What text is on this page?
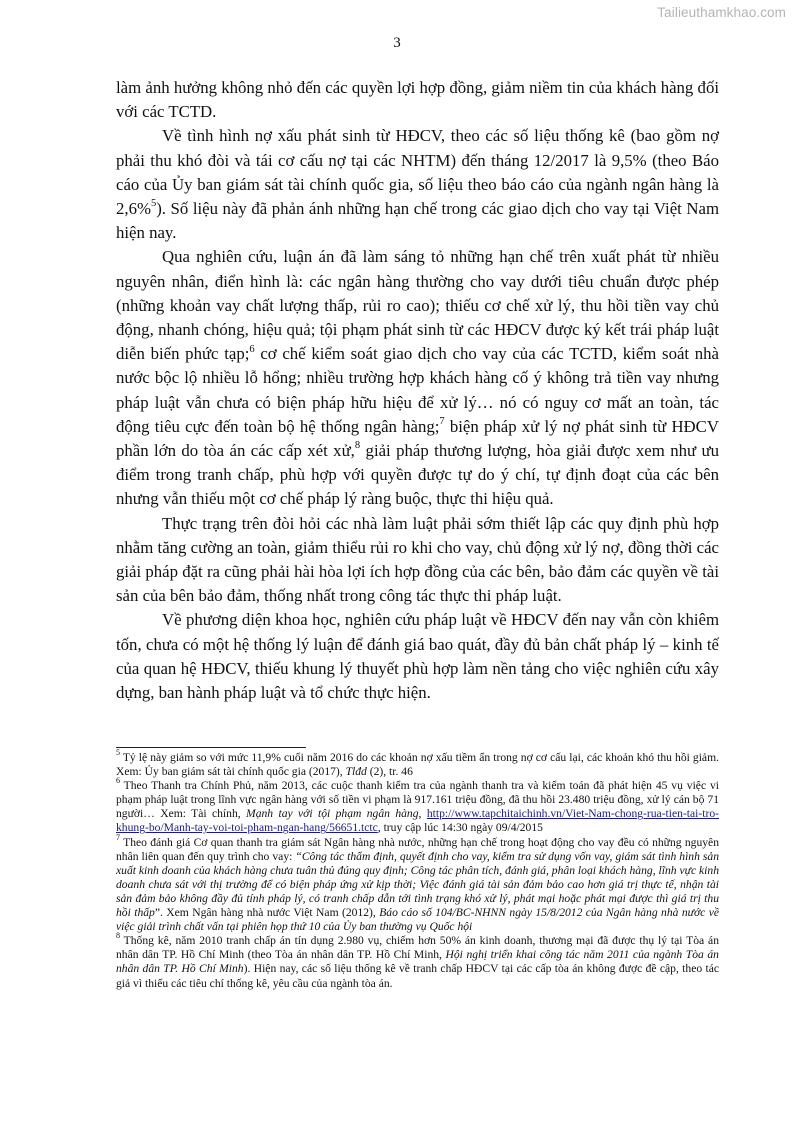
Tailieuthamkhao.com
3

làm ảnh hưởng không nhỏ đến các quyền lợi hợp đồng, giảm niềm tin của khách hàng đối với các TCTD.

Về tình hình nợ xấu phát sinh từ HĐCV, theo các số liệu thống kê (bao gồm nợ phải thu khó đòi và tái cơ cấu nợ tại các NHTM) đến tháng 12/2017 là 9,5% (theo Báo cáo của Ủy ban giám sát tài chính quốc gia, số liệu theo báo cáo của ngành ngân hàng là 2,6%$^5$). Số liệu này đã phản ánh những hạn chế trong các giao dịch cho vay tại Việt Nam hiện nay.

Qua nghiên cứu, luận án đã làm sáng tỏ những hạn chế trên xuất phát từ nhiều nguyên nhân, điển hình là: các ngân hàng thường cho vay dưới tiêu chuẩn được phép (những khoản vay chất lượng thấp, rủi ro cao); thiếu cơ chế xử lý, thu hồi tiền vay chủ động, nhanh chóng, hiệu quả; tội phạm phát sinh từ các HĐCV được ký kết trái pháp luật diễn biến phức tạp;$^6$ cơ chế kiểm soát giao dịch cho vay của các TCTD, kiểm soát nhà nước bộc lộ nhiều lỗ hổng; nhiều trường hợp khách hàng cố ý không trả tiền vay nhưng pháp luật vẫn chưa có biện pháp hữu hiệu để xử lý… nó có nguy cơ mất an toàn, tác động tiêu cực đến toàn bộ hệ thống ngân hàng;$^7$ biện pháp xử lý nợ phát sinh từ HĐCV phần lớn do tòa án các cấp xét xử,$^8$ giải pháp thương lượng, hòa giải được xem như ưu điểm trong tranh chấp, phù hợp với quyền được tự do ý chí, tự định đoạt của các bên nhưng vẫn thiếu một cơ chế pháp lý ràng buộc, thực thi hiệu quả.

Thực trạng trên đòi hỏi các nhà làm luật phải sớm thiết lập các quy định phù hợp nhằm tăng cường an toàn, giảm thiểu rủi ro khi cho vay, chủ động xử lý nợ, đồng thời các giải pháp đặt ra cũng phải hài hòa lợi ích hợp đồng của các bên, bảo đảm các quyền về tài sản của bên bảo đảm, thống nhất trong công tác thực thi pháp luật.

Về phương diện khoa học, nghiên cứu pháp luật về HĐCV đến nay vẫn còn khiêm tốn, chưa có một hệ thống lý luận để đánh giá bao quát, đầy đủ bản chất pháp lý – kinh tế của quan hệ HĐCV, thiếu khung lý thuyết phù hợp làm nền tảng cho việc nghiên cứu xây dựng, ban hành pháp luật và tổ chức thực hiện.

$^5$ Tỷ lệ này giảm so với mức 11,9% cuối năm 2016 do các khoản nợ xấu tiềm ẩn trong nợ cơ cấu lại, các khoản khó thu hồi giảm. Xem: Ủy ban giám sát tài chính quốc gia (2017), Tlđd (2), tr. 46

$^6$ Theo Thanh tra Chính Phủ, năm 2013, các cuộc thanh kiểm tra của ngành thanh tra và kiểm toán đã phát hiện 45 vụ việc vi phạm pháp luật trong lĩnh vực ngân hàng với số tiền vi phạm là 917.161 triệu đồng, đã thu hồi 23.480 triệu đồng, xử lý cán bộ 71 người… Xem: Tài chính, Mạnh tay với tội phạm ngân hàng, http://www.tapchitaichinh.vn/Viet-Nam-chong-rua-tien-tai-tro-khung-bo/Manh-tay-voi-toi-pham-ngan-hang/56651.tctc, truy cập lúc 14:30 ngày 09/4/2015

$^7$ Theo đánh giá Cơ quan thanh tra giám sát Ngân hàng nhà nước, những hạn chế trong hoạt động cho vay đều có những nguyên nhân liên quan đến quy trình cho vay: “Công tác thẩm định, quyết định cho vay, kiểm tra sử dụng vốn vay, giám sát tình hình sản xuất kinh doanh của khách hàng chưa tuân thủ đúng quy định; Công tác phân tích, đánh giá, phân loại khách hàng, lĩnh vực kinh doanh chưa sát với thị trường để có biện pháp ứng xử kịp thời; Việc đánh giá tài sản đảm bảo cao hơn giá trị thực tế, nhận tài sản đảm bảo không đầy đủ tính pháp lý, có tranh chấp dẫn tới tình trạng khó xử lý, phát mại hoặc phát mại được thì giá trị thu hồi thấp”. Xem Ngân hàng nhà nước Việt Nam (2012), Báo cáo số 104/BC-NHNN ngày 15/8/2012 của Ngân hàng nhà nước về việc giải trình chất vấn tại phiên họp thứ 10 của Ủy ban thường vụ Quốc hội

$^8$ Thống kê, năm 2010 tranh chấp án tín dụng 2.980 vụ, chiếm hơn 50% án kinh doanh, thương mại đã được thụ lý tại Tòa án nhân dân TP. Hồ Chí Minh (theo Tòa án nhân dân TP. Hồ Chí Minh, Hội nghị triển khai công tác năm 2011 của ngành Tòa án nhân dân TP. Hồ Chí Minh). Hiện nay, các số liệu thống kê về tranh chấp HĐCV tại các cấp tòa án không được đề cập, theo tác giả vì thiếu các tiêu chí thống kê, yêu cầu của ngành tòa án.
